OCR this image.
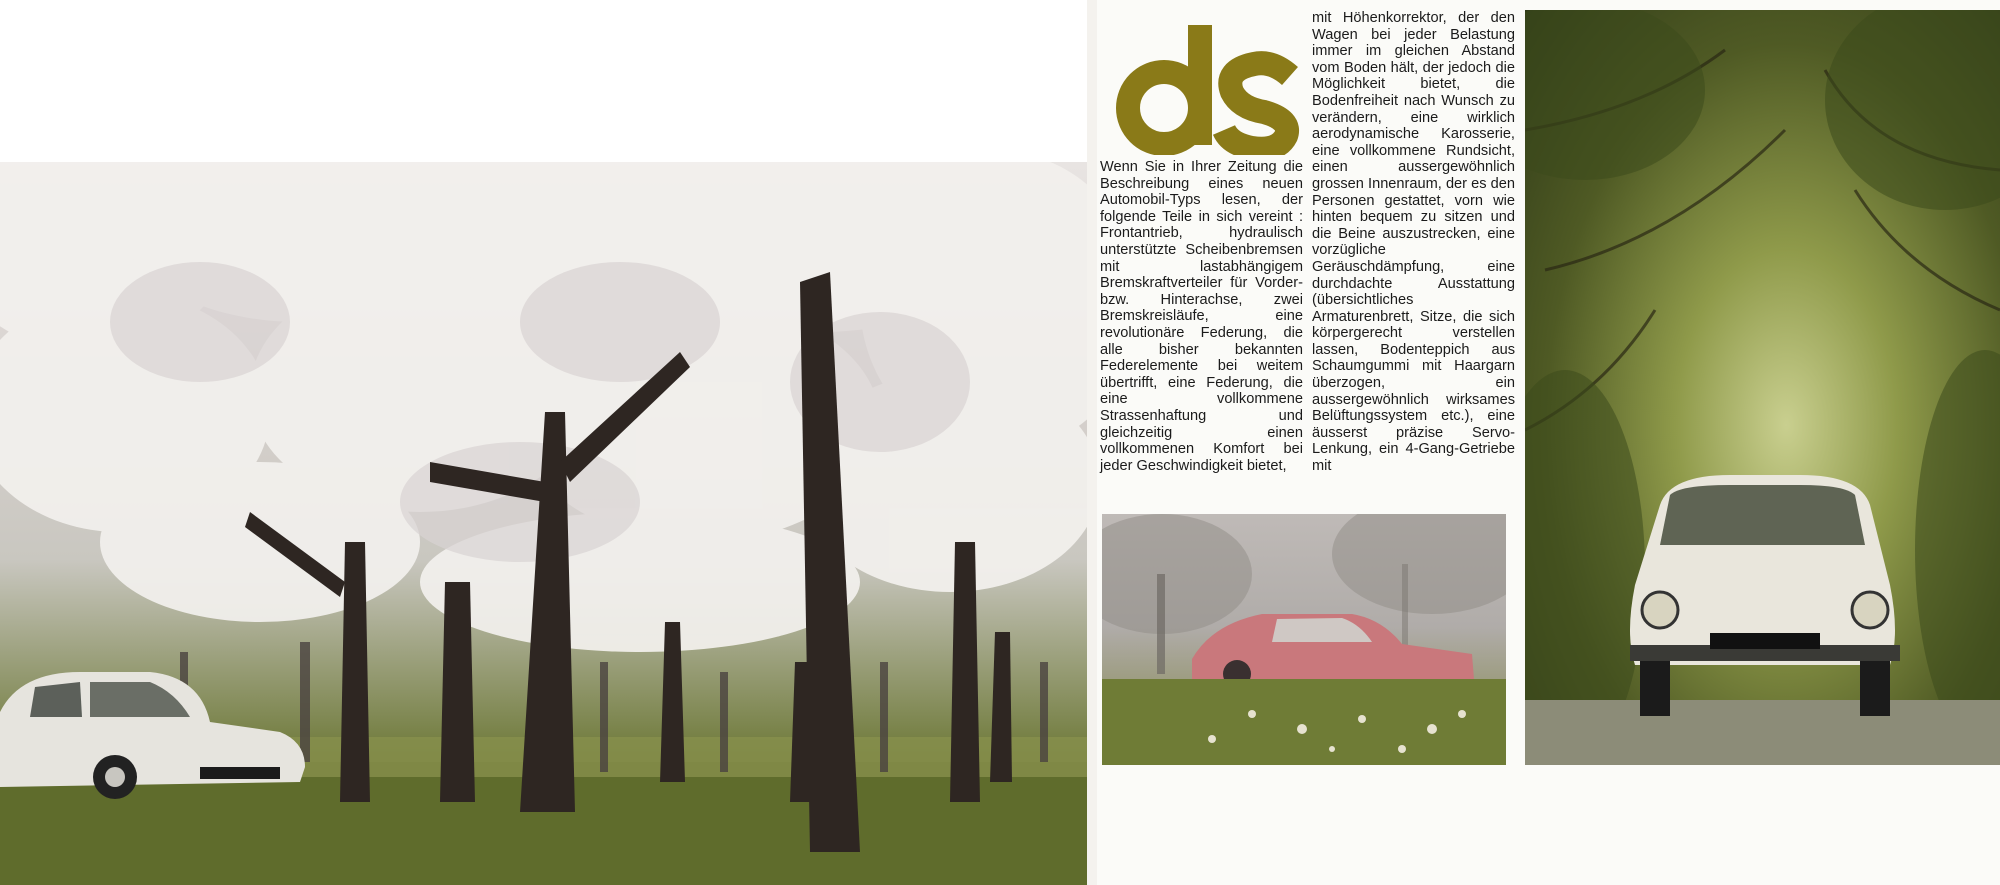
ds	mit Höhenkorrektor, der den Wagen bei jeder Belastung immer im gleichen Abstand vom Boden hält, der jedoch die Möglichkeit bietet, die Bodenfreiheit nach Wunsch zu verändern, eine wirklich aerodynamische Karosserie, eine vollkommene Rundsicht, einen aussergewöhnlich grossen Innenraum, der es den Personen gestattet, vorn wie hinten bequem zu sitzen und die Beine auszustrecken, eine vorzügliche Geräuschdämpfung, eine durchdachte Ausstattung (übersichtliches Armaturenbrett, Sitze, die sich körpergerecht verstellen lassen, Bodenteppich aus Schaumgummi mit Haargarn überzogen, ein aussergewöhnlich wirksames Belüftungssystem etc.), eine äusserst präzise Servo-Lenkung, ein 4-Gang-Getriebe mit
Wenn Sie in Ihrer Zeitung die Beschreibung eines neuen Automobil-Typs lesen, der folgende Teile in sich vereint : Frontantrieb, hydraulisch unterstützte Scheibenbremsen mit lastabhängigem Bremskraftverteiler für Vorder-bzw. Hinterachse, zwei Bremskreisläufe, eine revolutionäre Federung, die alle bisher bekannten Federelemente bei weitem übertrifft, eine Federung, die eine vollkommene Strassenhaftung und gleichzeitig einen vollkommenen Komfort bei jeder Geschwindigkeit bietet,
